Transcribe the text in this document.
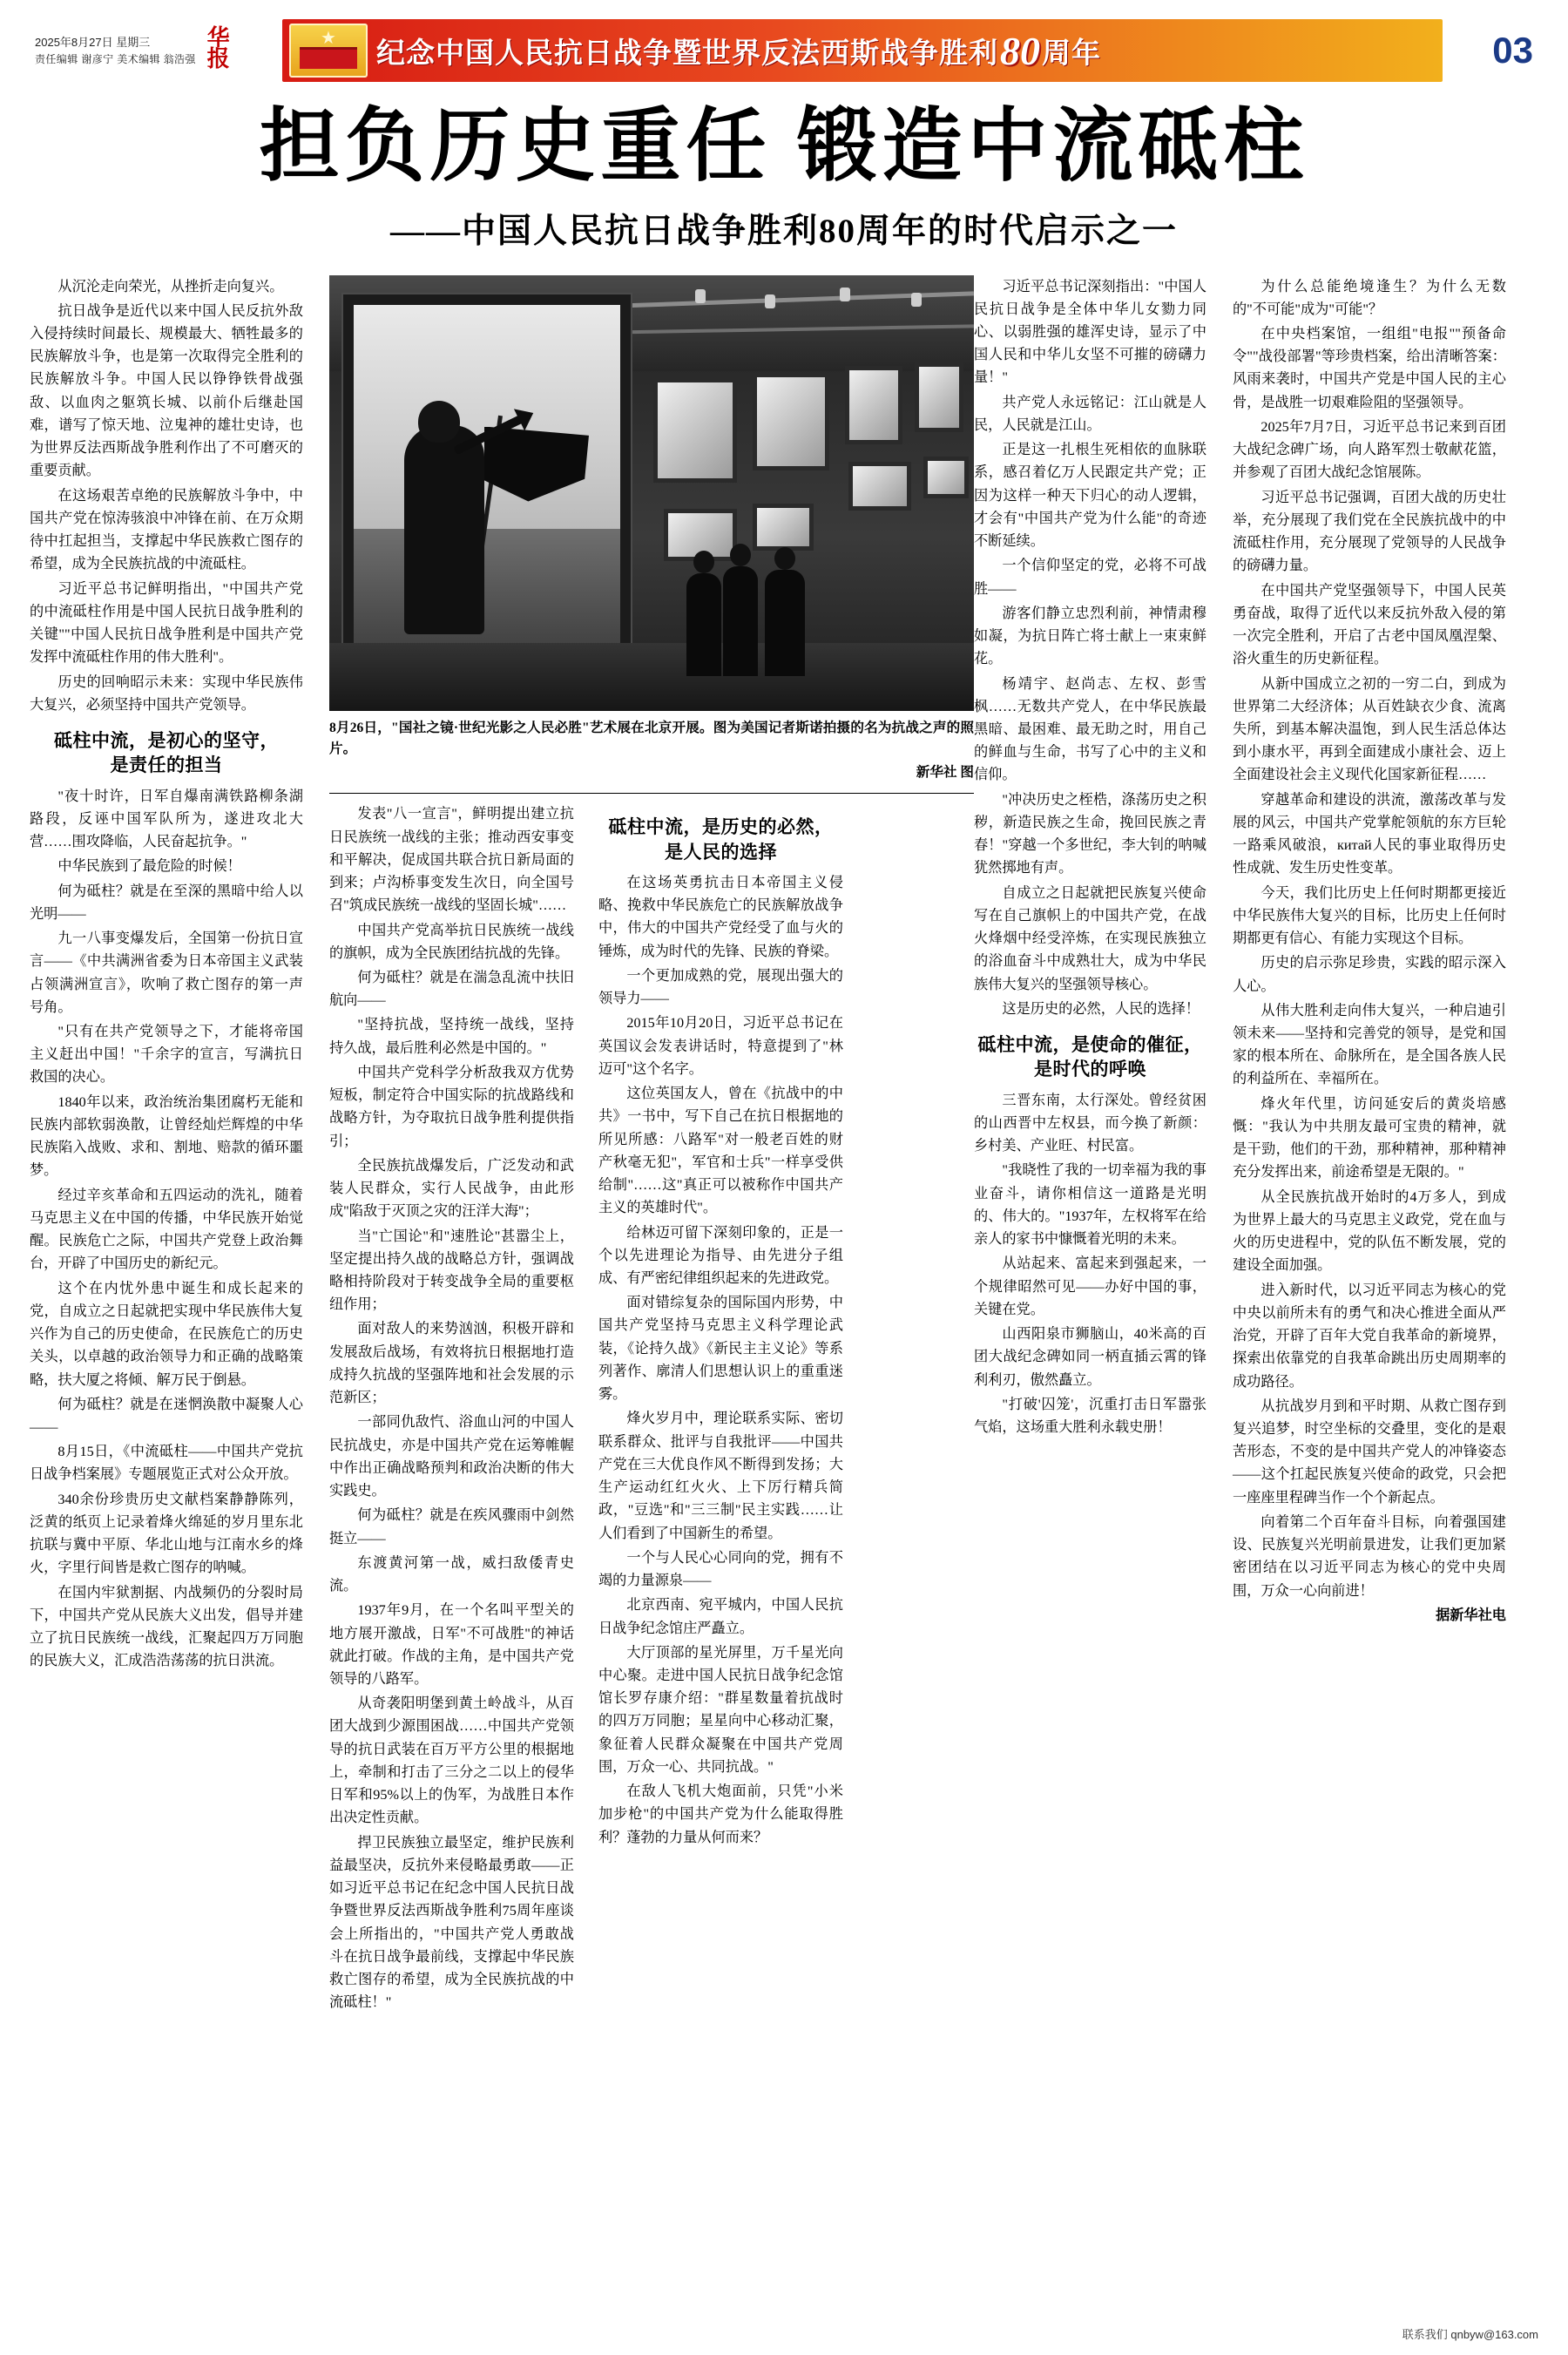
2025年8月27日 星期三
责任编辑 谢彦宁 美术编辑 翁浩强 华报 ★	纪念中国人民抗日战争暨世界反法西斯战争胜利 80 周年	03
担负历史重任 锻造中流砥柱
——中国人民抗日战争胜利80周年的时代启示之一

从沉沦走向荣光，从挫折走向复兴。

抗日战争是近代以来中国人民反抗外敌入侵持续时间最长、规模最大、牺牲最多的民族解放斗争，也是第一次取得完全胜利的民族解放斗争。中国人民以铮铮铁骨战强敌、以血肉之躯筑长城、以前仆后继赴国难，谱写了惊天地、泣鬼神的雄壮史诗，也为世界反法西斯战争胜利作出了不可磨灭的重要贡献。

在这场艰苦卓绝的民族解放斗争中，中国共产党在惊涛骇浪中冲锋在前、在万众期待中扛起担当，支撑起中华民族救亡图存的希望，成为全民族抗战的中流砥柱。

习近平总书记鲜明指出，"中国共产党的中流砥柱作用是中国人民抗日战争胜利的关键""中国人民抗日战争胜利是中国共产党发挥中流砥柱作用的伟大胜利"。

历史的回响昭示未来：实现中华民族伟大复兴，必须坚持中国共产党领导。

砥柱中流，是初心的坚守，
是责任的担当

"夜十时许，日军自爆南满铁路柳条湖路段，反诬中国军队所为，遂进攻北大营……围攻降临，人民奋起抗争。"

中华民族到了最危险的时候！

何为砥柱？就是在至深的黑暗中给人以光明——

九一八事变爆发后，全国第一份抗日宣言——《中共满洲省委为日本帝国主义武装占领满洲宣言》，吹响了救亡图存的第一声号角。

"只有在共产党领导之下，才能将帝国主义赶出中国！"千余字的宣言，写满抗日救国的决心。

1840年以来，政治统治集团腐朽无能和民族内部软弱涣散，让曾经灿烂辉煌的中华民族陷入战败、求和、割地、赔款的循环噩梦。

经过辛亥革命和五四运动的洗礼，随着马克思主义在中国的传播，中华民族开始觉醒。民族危亡之际，中国共产党登上政治舞台，开辟了中国历史的新纪元。

这个在内忧外患中诞生和成长起来的党，自成立之日起就把实现中华民族伟大复兴作为自己的历史使命，在民族危亡的历史关头，以卓越的政治领导力和正确的战略策略，扶大厦之将倾、解万民于倒悬。

何为砥柱？就是在迷惘涣散中凝聚人心——

8月15日，《中流砥柱——中国共产党抗日战争档案展》专题展览正式对公众开放。

340余份珍贵历史文献档案静静陈列，泛黄的纸页上记录着烽火绵延的岁月里东北抗联与冀中平原、华北山地与江南水乡的烽火，字里行间皆是救亡图存的呐喊。

在国内牢狱割据、内战频仍的分裂时局下，中国共产党从民族大义出发，倡导并建立了抗日民族统一战线，汇聚起四万万同胞的民族大义，汇成浩浩荡荡的抗日洪流。

8月26日，"国社之镜·世纪光影之人民必胜"艺术展在北京开展。图为美国记者斯诺拍摄的名为抗战之声的照片。
新华社 图

发表"八一宣言"，鲜明提出建立抗日民族统一战线的主张；推动西安事变和平解决，促成国共联合抗日新局面的到来；卢沟桥事变发生次日，向全国号召"筑成民族统一战线的坚固长城"……

中国共产党高举抗日民族统一战线的旗帜，成为全民族团结抗战的先锋。

何为砥柱？就是在湍急乱流中扶旧航向——

"坚持抗战，坚持统一战线，坚持持久战，最后胜利必然是中国的。"

中国共产党科学分析敌我双方优势短板，制定符合中国实际的抗战路线和战略方针，为夺取抗日战争胜利提供指引；

全民族抗战爆发后，广泛发动和武装人民群众，实行人民战争，由此形成"陷敌于灭顶之灾的汪洋大海"；

当"亡国论"和"速胜论"甚嚣尘上，坚定提出持久战的战略总方针，强调战略相持阶段对于转变战争全局的重要枢纽作用；

面对敌人的来势汹汹，积极开辟和发展敌后战场，有效将抗日根据地打造成持久抗战的坚强阵地和社会发展的示范新区；

一部同仇敌忾、浴血山河的中国人民抗战史，亦是中国共产党在运筹帷幄中作出正确战略预判和政治决断的伟大实践史。

何为砥柱？就是在疾风骤雨中剑然挺立——

东渡黄河第一战，威扫敌倭青史流。

1937年9月，在一个名叫平型关的地方展开激战，日军"不可战胜"的神话就此打破。作战的主角，是中国共产党领导的八路军。

从奇袭阳明堡到黄土岭战斗，从百团大战到少源围困战……中国共产党领导的抗日武装在百万平方公里的根据地上，牵制和打击了三分之二以上的侵华日军和95%以上的伪军，为战胜日本作出决定性贡献。

捍卫民族独立最坚定，维护民族利益最坚决，反抗外来侵略最勇敢——正如习近平总书记在纪念中国人民抗日战争暨世界反法西斯战争胜利75周年座谈会上所指出的，"中国共产党人勇敢战斗在抗日战争最前线，支撑起中华民族救亡图存的希望，成为全民族抗战的中流砥柱！"

砥柱中流，是历史的必然，
是人民的选择

在这场英勇抗击日本帝国主义侵略、挽救中华民族危亡的民族解放战争中，伟大的中国共产党经受了血与火的锤炼，成为时代的先锋、民族的脊梁。

一个更加成熟的党，展现出强大的领导力——

2015年10月20日，习近平总书记在英国议会发表讲话时，特意提到了"林迈可"这个名字。

这位英国友人，曾在《抗战中的中共》一书中，写下自己在抗日根据地的所见所感：八路军"对一般老百姓的财产秋毫无犯"，军官和士兵"一样享受供给制"……这"真正可以被称作中国共产主义的英雄时代"。

给林迈可留下深刻印象的，正是一个以先进理论为指导、由先进分子组成、有严密纪律组织起来的先进政党。

面对错综复杂的国际国内形势，中国共产党坚持马克思主义科学理论武装，《论持久战》《新民主主义论》等系列著作、廓清人们思想认识上的重重迷雾。

烽火岁月中，理论联系实际、密切联系群众、批评与自我批评——中国共产党在三大优良作风不断得到发扬；大生产运动红红火火、上下厉行精兵简政，"豆选"和"三三制"民主实践……让人们看到了中国新生的希望。

一个与人民心心同向的党，拥有不竭的力量源泉——

北京西南、宛平城内，中国人民抗日战争纪念馆庄严矗立。

大厅顶部的星光屏里，万千星光向中心聚。走进中国人民抗日战争纪念馆馆长罗存康介绍："群星数量着抗战时的四万万同胞；星星向中心移动汇聚，象征着人民群众凝聚在中国共产党周围，万众一心、共同抗战。"

在敌人飞机大炮面前，只凭"小米加步枪"的中国共产党为什么能取得胜利？蓬勃的力量从何而来？

习近平总书记深刻指出："中国人民抗日战争是全体中华儿女勠力同心、以弱胜强的雄浑史诗，显示了中国人民和中华儿女坚不可摧的磅礴力量！"

共产党人永远铭记：江山就是人民，人民就是江山。

正是这一扎根生死相依的血脉联系，感召着亿万人民跟定共产党；正因为这样一种天下归心的动人逻辑，才会有"中国共产党为什么能"的奇迹不断延续。

一个信仰坚定的党，必将不可战胜——

游客们静立忠烈利前，神情肃穆如凝，为抗日阵亡将士献上一束束鲜花。

杨靖宇、赵尚志、左权、彭雪枫……无数共产党人，在中华民族最黑暗、最困难、最无助之时，用自己的鲜血与生命，书写了心中的主义和信仰。

"冲决历史之桎梏，涤荡历史之积秽，新造民族之生命，挽回民族之青春！"穿越一个多世纪，李大钊的呐喊犹然掷地有声。

自成立之日起就把民族复兴使命写在自己旗帜上的中国共产党，在战火烽烟中经受淬炼，在实现民族独立的浴血奋斗中成熟壮大，成为中华民族伟大复兴的坚强领导核心。

这是历史的必然，人民的选择！

砥柱中流，是使命的催征，
是时代的呼唤

三晋东南，太行深处。曾经贫困的山西晋中左权县，而今换了新颜：乡村美、产业旺、村民富。

"我晓性了我的一切幸福为我的事业奋斗，请你相信这一道路是光明的、伟大的。"1937年，左权将军在给亲人的家书中慷慨着光明的未来。

从站起来、富起来到强起来，一个规律昭然可见——办好中国的事，关键在党。

山西阳泉市狮脑山，40米高的百团大战纪念碑如同一柄直插云霄的锋利利刃，傲然矗立。

"打破'囚笼'，沉重打击日军嚣张气焰，这场重大胜利永载史册！

为什么总能绝境逢生？为什么无数的"不可能"成为"可能"？

在中央档案馆，一组组"电报""预备命令""战役部署"等珍贵档案，给出清晰答案：风雨来袭时，中国共产党是中国人民的主心骨，是战胜一切艰难险阻的坚强领导。

2025年7月7日，习近平总书记来到百团大战纪念碑广场，向人路军烈士敬献花篮，并参观了百团大战纪念馆展陈。

习近平总书记强调，百团大战的历史壮举，充分展现了我们党在全民族抗战中的中流砥柱作用，充分展现了党领导的人民战争的磅礴力量。

在中国共产党坚强领导下，中国人民英勇奋战，取得了近代以来反抗外敌入侵的第一次完全胜利，开启了古老中国凤凰涅槃、浴火重生的历史新征程。

从新中国成立之初的一穷二白，到成为世界第二大经济体；从百姓缺衣少食、流离失所，到基本解决温饱，到人民生活总体达到小康水平，再到全面建成小康社会、迈上全面建设社会主义现代化国家新征程……

穿越革命和建设的洪流，激荡改革与发展的风云，中国共产党掌舵领航的东方巨轮一路乘风破浪，китай人民的事业取得历史性成就、发生历史性变革。

今天，我们比历史上任何时期都更接近中华民族伟大复兴的目标，比历史上任何时期都更有信心、有能力实现这个目标。

历史的启示弥足珍贵，实践的昭示深入人心。

从伟大胜利走向伟大复兴，一种启迪引领未来——坚持和完善党的领导，是党和国家的根本所在、命脉所在，是全国各族人民的利益所在、幸福所在。

烽火年代里，访问延安后的黄炎培感慨："我认为中共朋友最可宝贵的精神，就是干勁，他们的干劲，那种精神，那种精神充分发挥出来，前途希望是无限的。"

从全民族抗战开始时的4万多人，到成为世界上最大的马克思主义政党，党在血与火的历史进程中，党的队伍不断发展，党的建设全面加强。

进入新时代，以习近平同志为核心的党中央以前所未有的勇气和决心推进全面从严治党，开辟了百年大党自我革命的新境界，探索出依靠党的自我革命跳出历史周期率的成功路径。

从抗战岁月到和平时期、从救亡图存到复兴追梦，时空坐标的交叠里，变化的是艰苦形态，不变的是中国共产党人的冲锋姿态——这个扛起民族复兴使命的政党，只会把一座座里程碑当作一个个新起点。

向着第二个百年奋斗目标，向着强国建设、民族复兴光明前景进发，让我们更加紧密团结在以习近平同志为核心的党中央周围，万众一心向前进！

据新华社电

联系我们 qnbyw@163.com
